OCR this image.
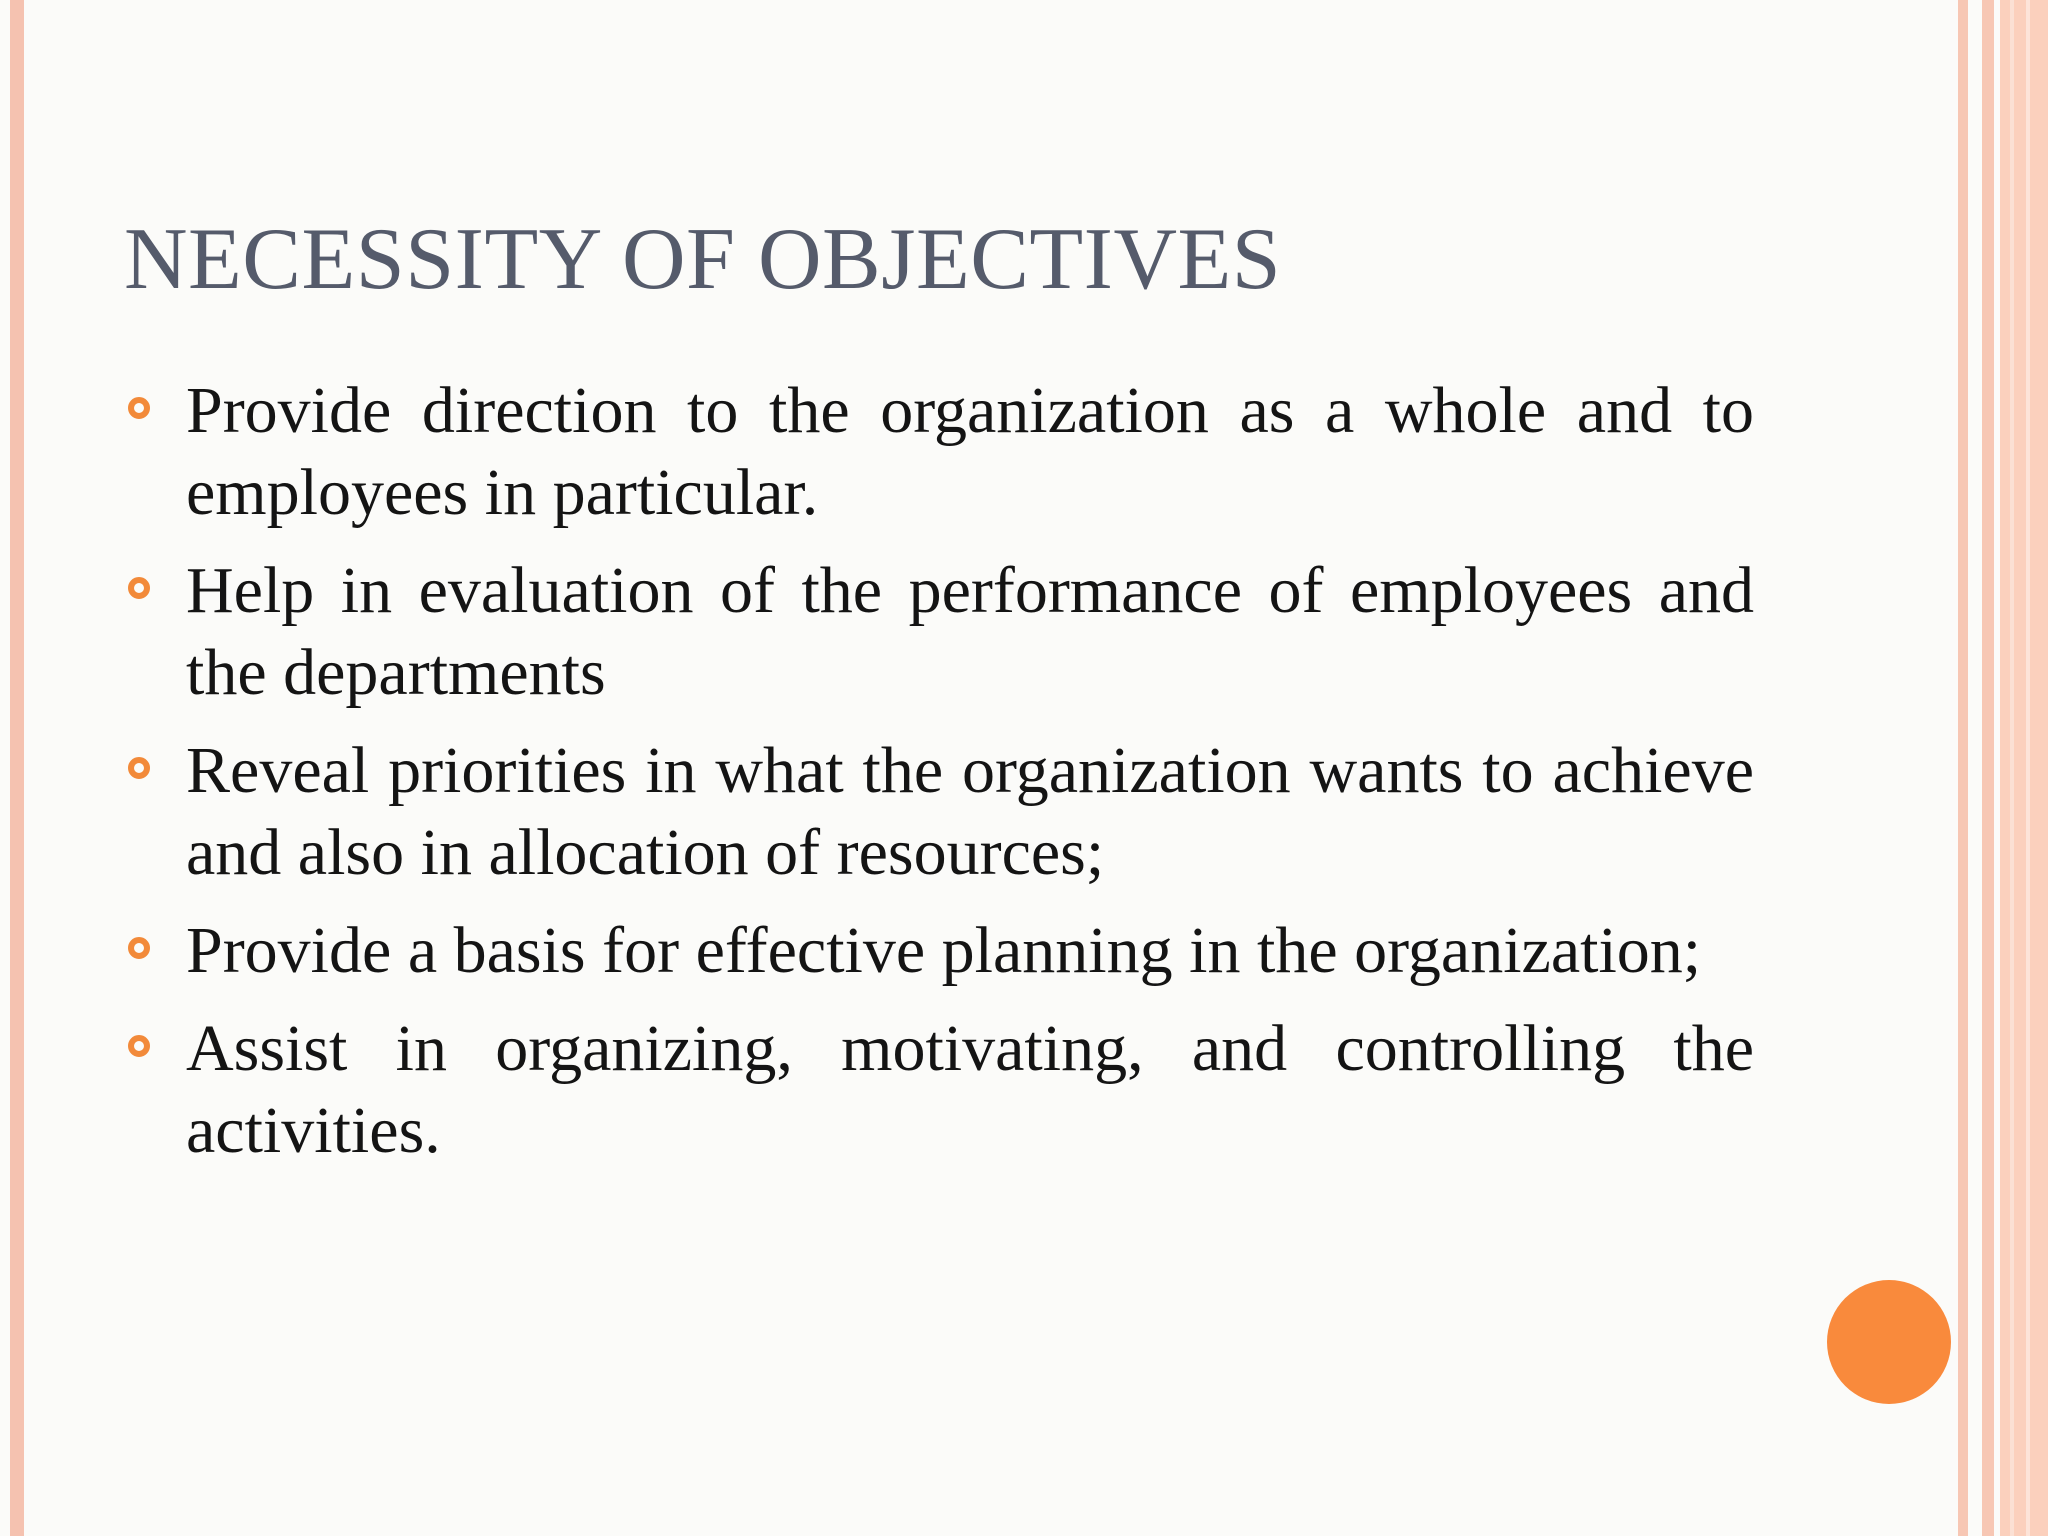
NECESSITY OF OBJECTIVES
Provide direction to the organization as a whole and to employees in particular.
Help in evaluation of the performance of employees and the departments
Reveal priorities in what the organization wants to achieve and also in allocation of resources;
Provide a basis for effective planning in the organization;
Assist in organizing, motivating, and controlling the activities.
